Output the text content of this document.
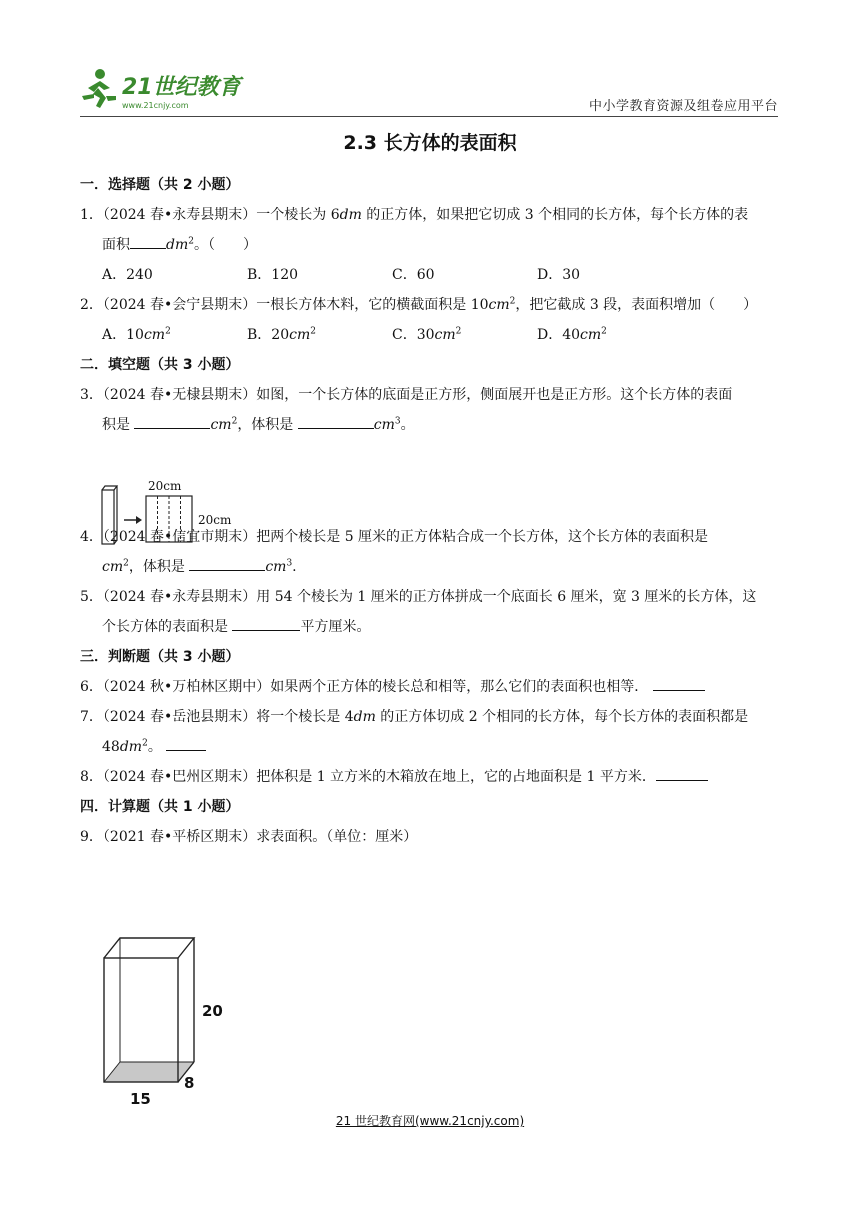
21世纪教育
www.21cnjy.com	中小学教育资源及组卷应用平台
2.3 长方体的表面积
一．选择题（共 2 小题）
1．（2024 春•永寿县期末）一个棱长为 6dm 的正方体，如果把它切成 3 个相同的长方体，每个长方体的表
面积	$dm^2$。（　　）
A．240	B．120	C．60	D．30
2．（2024 春•会宁县期末）一根长方体木料，它的横截面积是 $10cm^2$，把它截成 3 段，表面积增加（　　）
A．$10cm^2$	B．$20cm^2$	C．$30cm^2$	D．$40cm^2$
二．填空题（共 3 小题）
3．（2024 春•无棣县期末）如图，一个长方体的底面是正方形，侧面展开也是正方形。这个长方体的表面
积是	$cm^2$，体积是	$cm^3$。
4．（2024 春•信宜市期末）把两个棱长是 5 厘米的正方体粘合成一个长方体，这个长方体的表面积是
$cm^2$，体积是	$cm^3$.
5．（2024 春•永寿县期末）用 54 个棱长为 1 厘米的正方体拼成一个底面长 6 厘米，宽 3 厘米的长方体，这
个长方体的表面积是	平方厘米。
三．判断题（共 3 小题）
6．（2024 秋•万柏林区期中）如果两个正方体的棱长总和相等，那么它们的表面积也相等．
7．（2024 春•岳池县期末）将一个棱长是 4dm 的正方体切成 2 个相同的长方体，每个长方体的表面积都是
$48dm^2$。
8．（2024 春•巴州区期末）把体积是 1 立方米的木箱放在地上，它的占地面积是 1 平方米．
四．计算题（共 1 小题）
9．（2021 春•平桥区期末）求表面积。（单位：厘米）
20cm
20cm
20
15
8
21 世纪教育网(www.21cnjy.com)
